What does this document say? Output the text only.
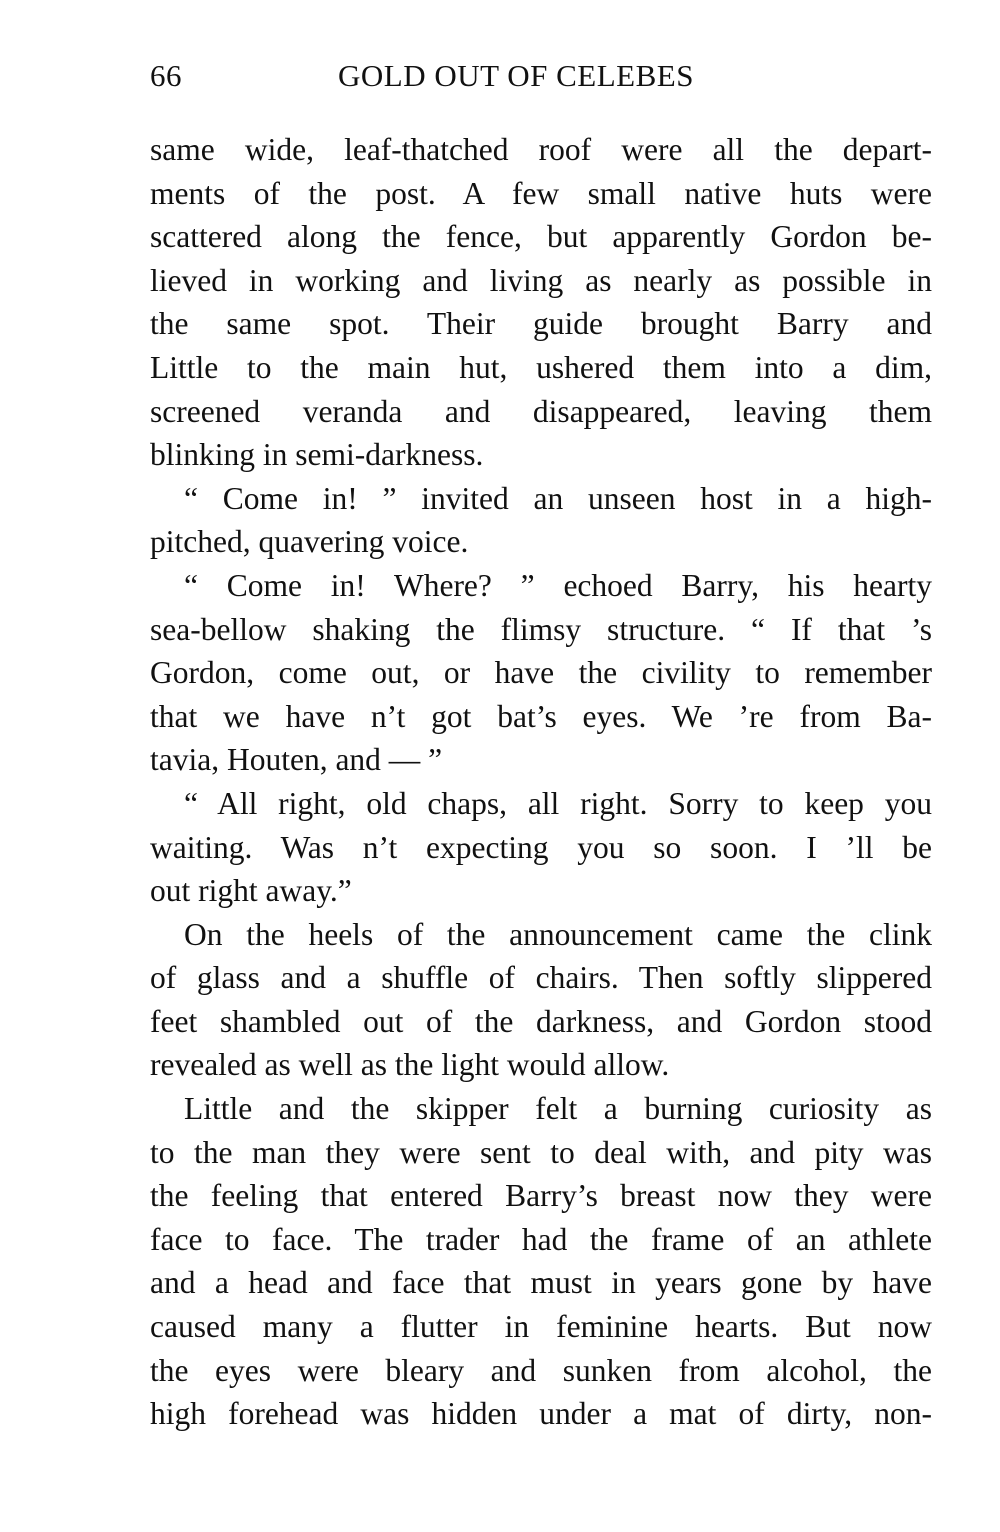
66	GOLD OUT OF CELEBES
same wide, leaf-thatched roof were all the depart-
ments of the post. A few small native huts were
scattered along the fence, but apparently Gordon be-
lieved in working and living as nearly as possible in
the same spot. Their guide brought Barry and
Little to the main hut, ushered them into a dim,
screened veranda and disappeared, leaving them
blinking in semi-darkness.
“ Come in! ” invited an unseen host in a high-
pitched, quavering voice.
“ Come in! Where? ” echoed Barry, his hearty
sea-bellow shaking the flimsy structure. “ If that ’s
Gordon, come out, or have the civility to remember
that we have n’t got bat’s eyes. We ’re from Ba-
tavia, Houten, and — ”
“ All right, old chaps, all right. Sorry to keep you
waiting. Was n’t expecting you so soon. I ’ll be
out right away.”
On the heels of the announcement came the clink
of glass and a shuffle of chairs. Then softly slippered
feet shambled out of the darkness, and Gordon stood
revealed as well as the light would allow.
Little and the skipper felt a burning curiosity as
to the man they were sent to deal with, and pity was
the feeling that entered Barry’s breast now they were
face to face. The trader had the frame of an athlete
and a head and face that must in years gone by have
caused many a flutter in feminine hearts. But now
the eyes were bleary and sunken from alcohol, the
high forehead was hidden under a mat of dirty, non-
